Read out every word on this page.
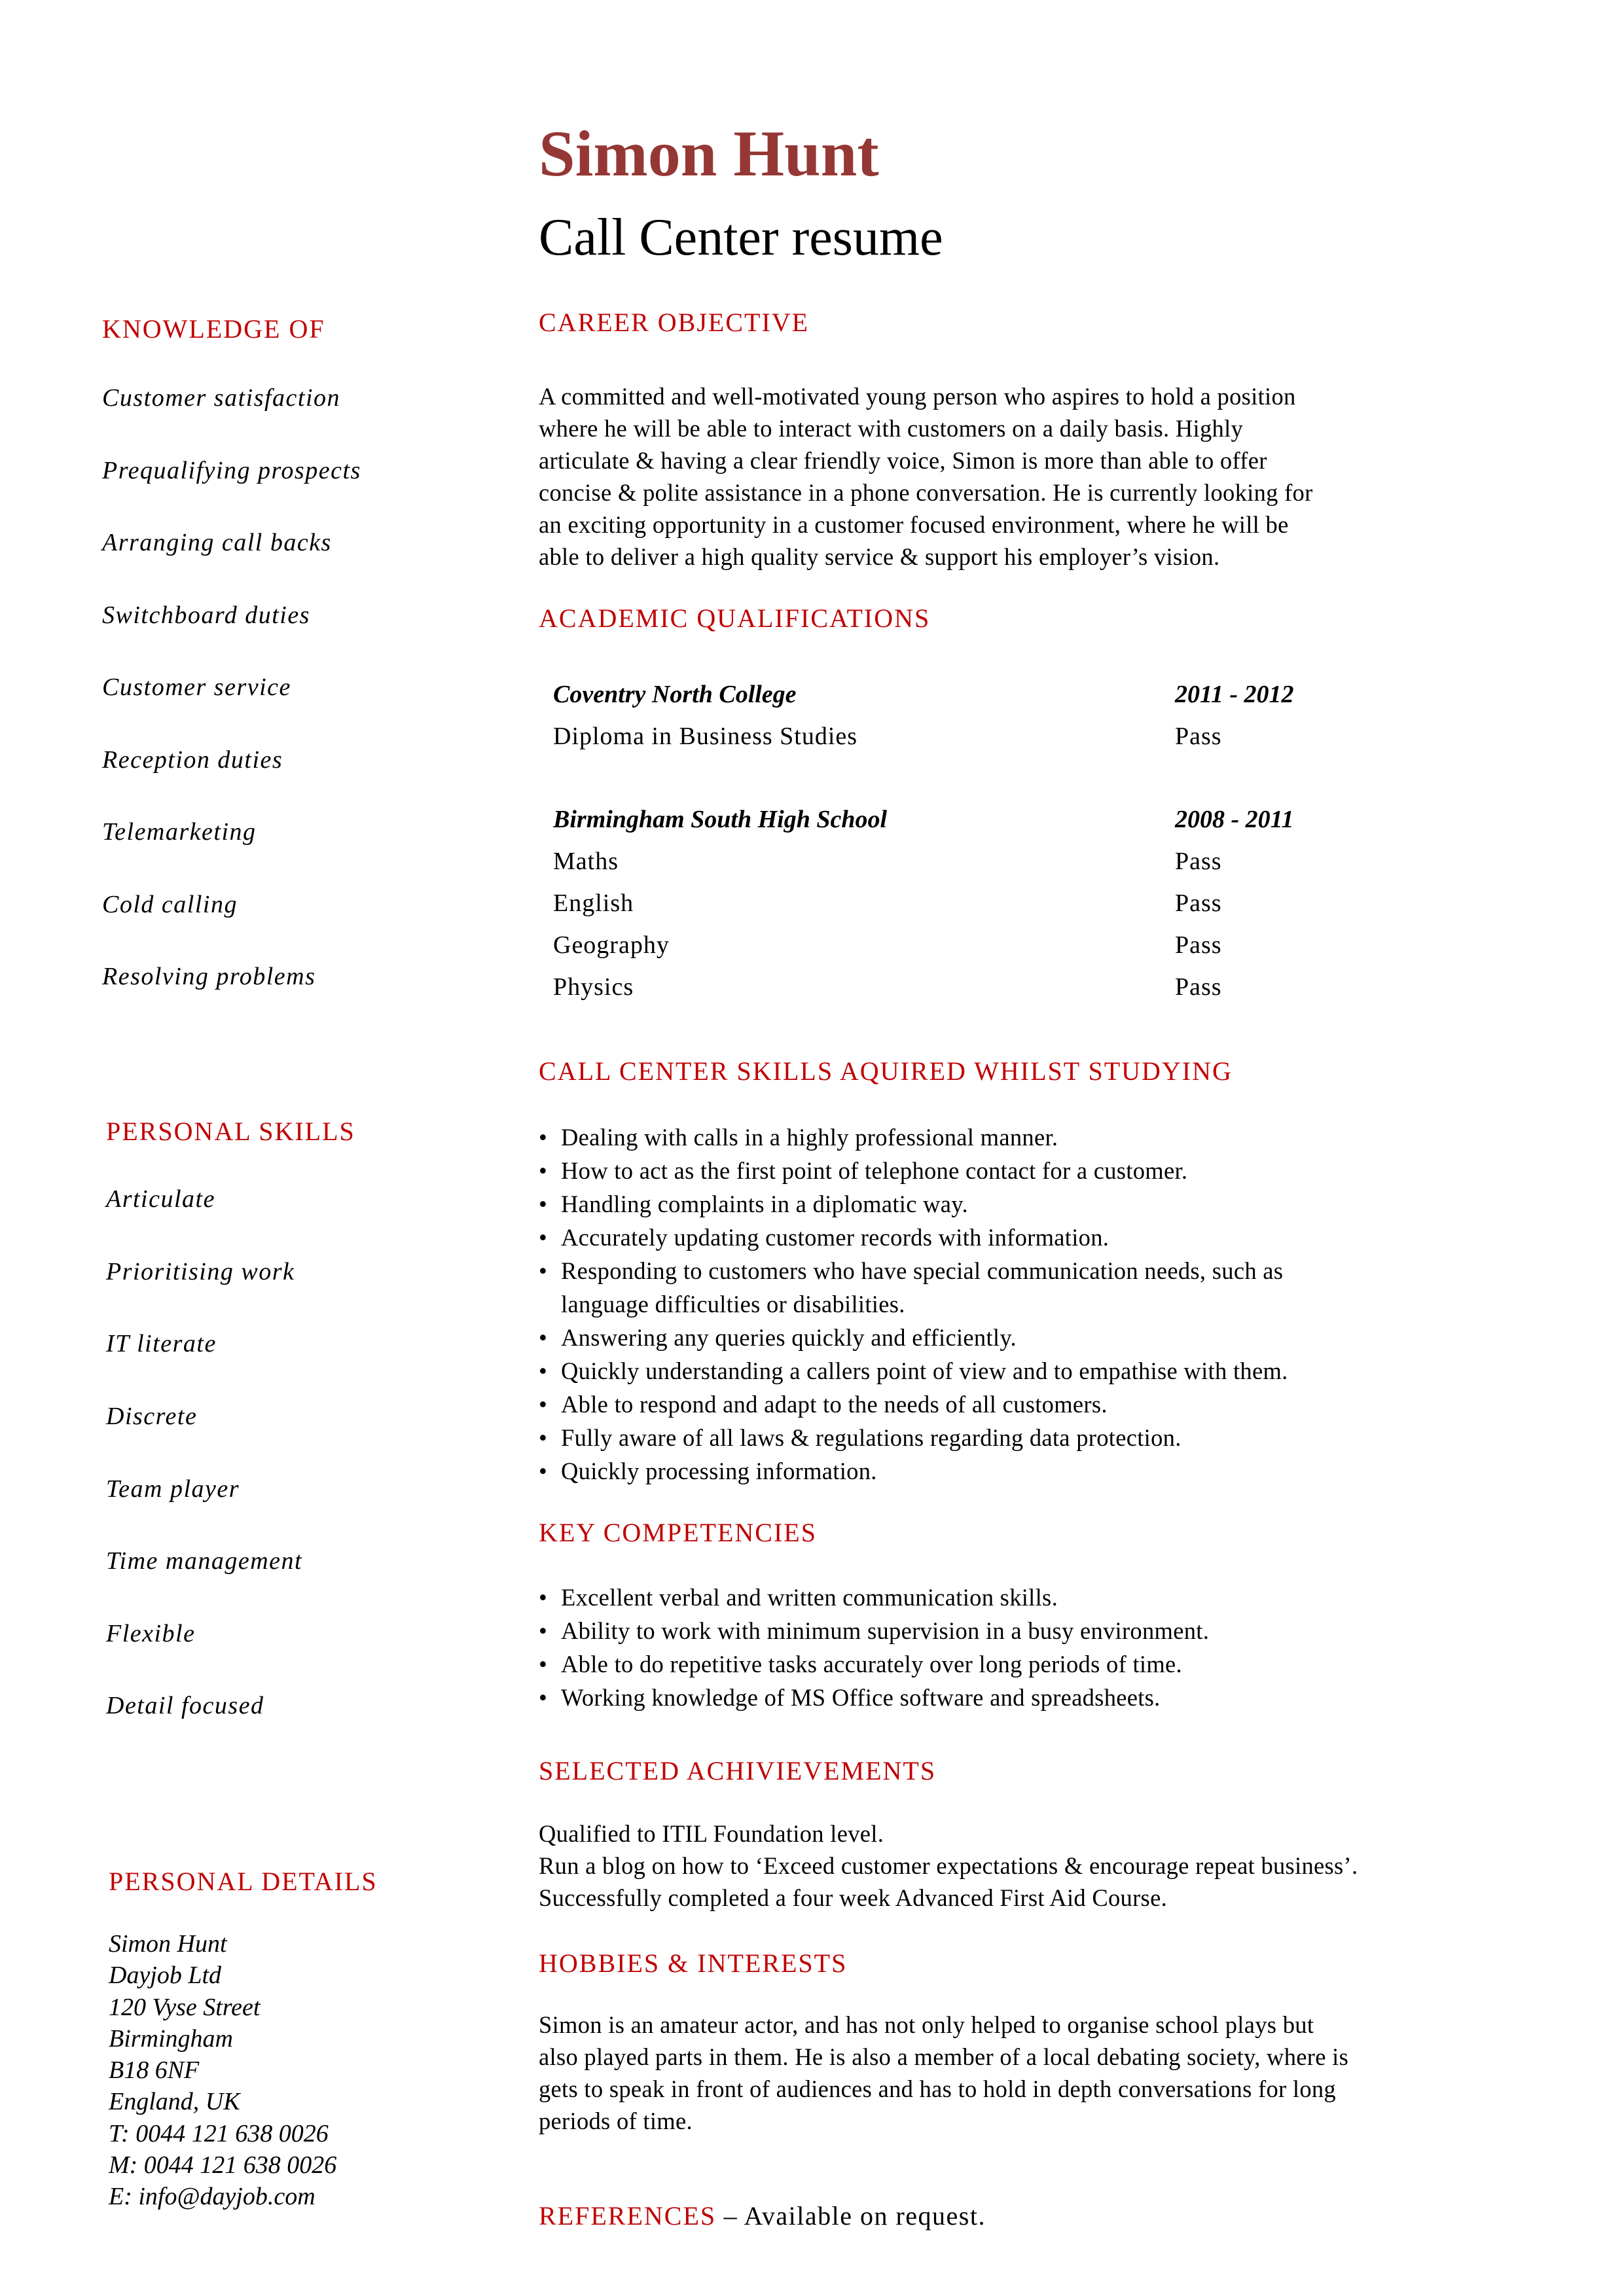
Simon Hunt
Call Center resume
KNOWLEDGE OF
Customer satisfaction
Prequalifying prospects
Arranging call backs
Switchboard duties
Customer service
Reception duties
Telemarketing
Cold calling
Resolving problems
PERSONAL SKILLS
Articulate
Prioritising work
IT literate
Discrete
Team player
Time management
Flexible
Detail focused
PERSONAL DETAILS
Simon Hunt
Dayjob Ltd
120 Vyse Street
Birmingham
B18 6NF
England, UK
T: 0044 121 638 0026
M: 0044 121 638 0026
E: info@dayjob.com
CAREER OBJECTIVE
A committed and well-motivated young person who aspires to hold a position
where he will be able to interact with customers on a daily basis. Highly
articulate & having a clear friendly voice, Simon is more than able to offer
concise & polite assistance in a phone conversation. He is currently looking for
an exciting opportunity in a customer focused environment, where he will be
able to deliver a high quality service & support his employer’s vision.
ACADEMIC QUALIFICATIONS
Coventry North College	2011 - 2012
Diploma in Business Studies	Pass
Birmingham South High School	2008 - 2011
Maths	Pass
English	Pass
Geography	Pass
Physics	Pass
CALL CENTER SKILLS AQUIRED WHILST STUDYING
• Dealing with calls in a highly professional manner.
• How to act as the first point of telephone contact for a customer.
• Handling complaints in a diplomatic way.
• Accurately updating customer records with information.
• Responding to customers who have special communication needs, such as
language difficulties or disabilities.
• Answering any queries quickly and efficiently.
• Quickly understanding a callers point of view and to empathise with them.
• Able to respond and adapt to the needs of all customers.
• Fully aware of all laws & regulations regarding data protection.
• Quickly processing information.
KEY COMPETENCIES
• Excellent verbal and written communication skills.
• Ability to work with minimum supervision in a busy environment.
• Able to do repetitive tasks accurately over long periods of time.
• Working knowledge of MS Office software and spreadsheets.
SELECTED ACHIVIEVEMENTS
Qualified to ITIL Foundation level.
Run a blog on how to ‘Exceed customer expectations & encourage repeat business’.
Successfully completed a four week Advanced First Aid Course.
HOBBIES & INTERESTS
Simon is an amateur actor, and has not only helped to organise school plays but
also played parts in them. He is also a member of a local debating society, where is
gets to speak in front of audiences and has to hold in depth conversations for long
periods of time.
REFERENCES – Available on request.
